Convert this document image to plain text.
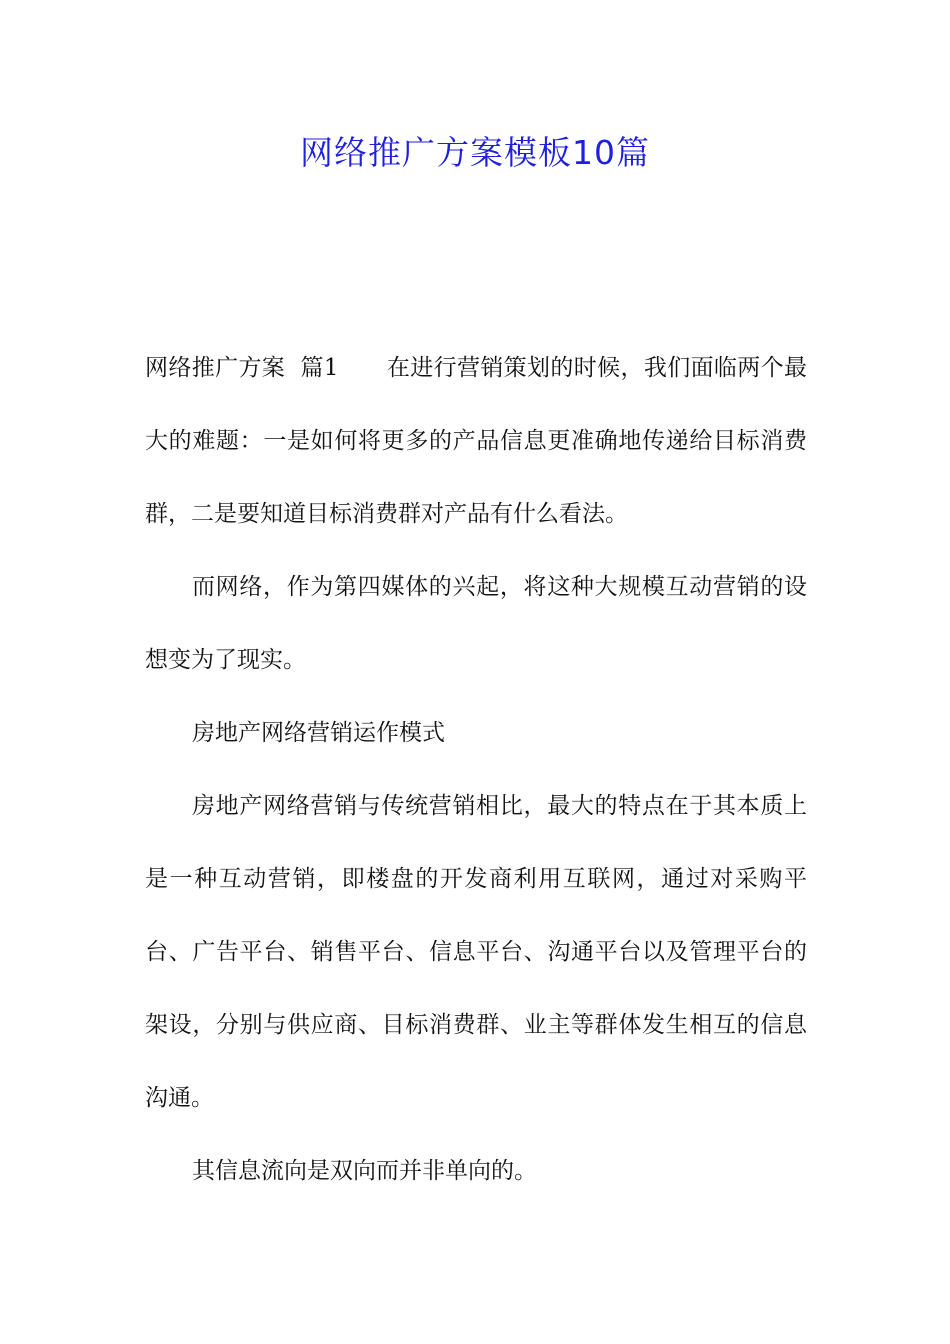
网络推广方案模板10篇

网络推广方案  篇1 在进行营销策划的时候，我们面临两个最大的难题：一是如何将更多的产品信息更准确地传递给目标消费群，二是要知道目标消费群对产品有什么看法。

而网络，作为第四媒体的兴起，将这种大规模互动营销的设想变为了现实。

房地产网络营销运作模式

房地产网络营销与传统营销相比，最大的特点在于其本质上是一种互动营销，即楼盘的开发商利用互联网，通过对采购平台、广告平台、销售平台、信息平台、沟通平台以及管理平台的架设，分别与供应商、目标消费群、业主等群体发生相互的信息沟通。

其信息流向是双向而并非单向的。
